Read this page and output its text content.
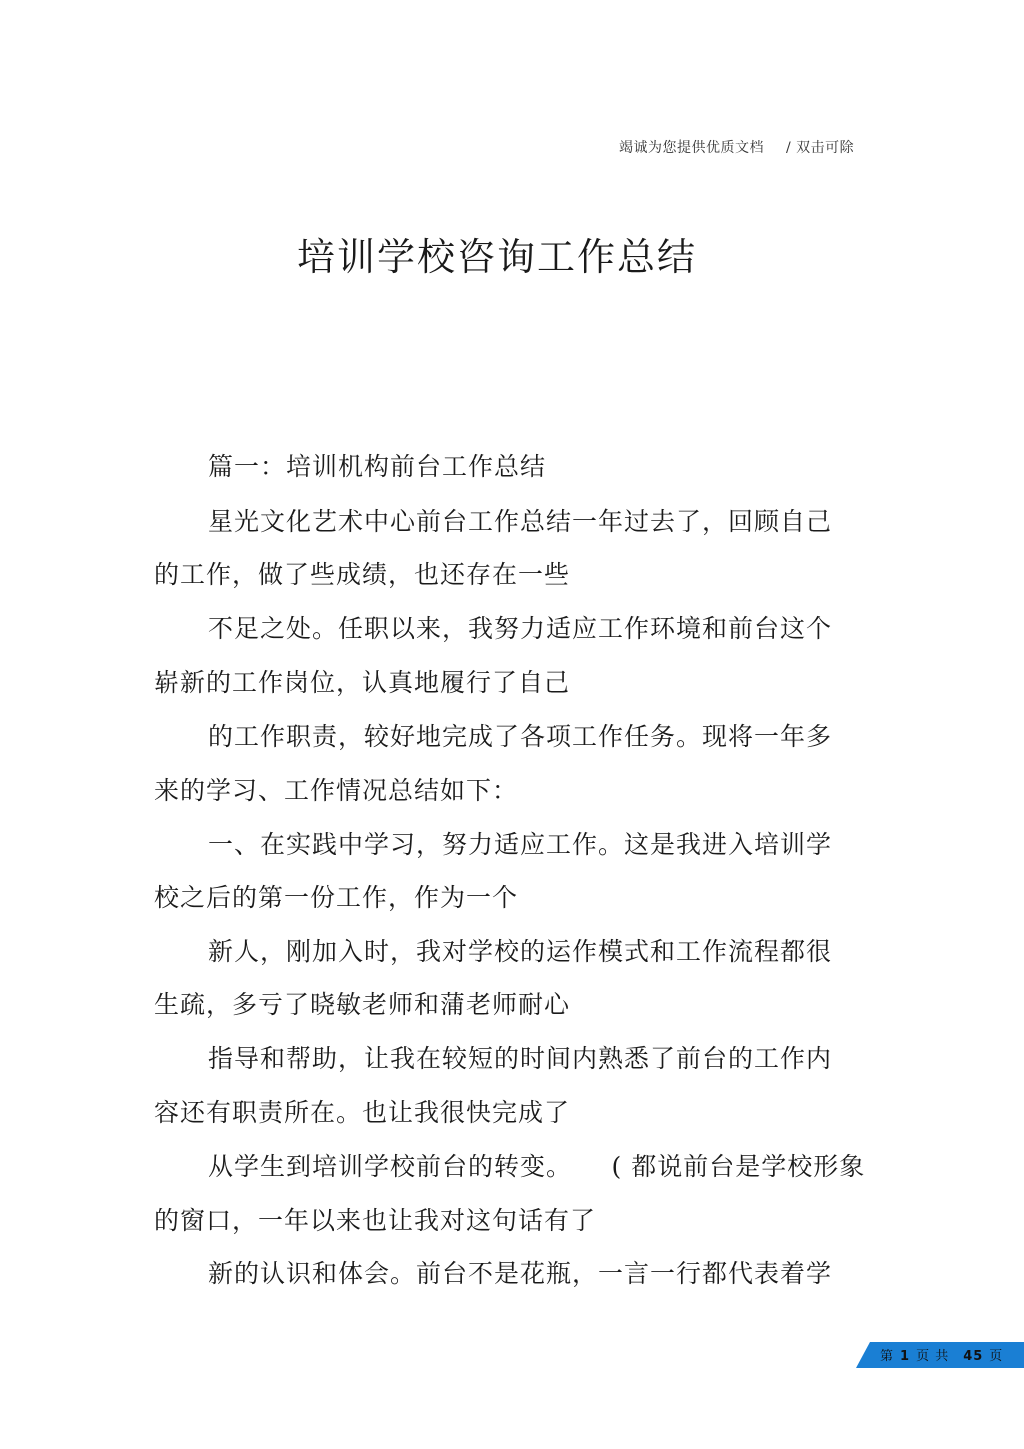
竭诚为您提供优质文档 / 双击可除
培训学校咨询工作总结
篇一：培训机构前台工作总结
星光文化艺术中心前台工作总结一年过去了，回顾自己
的工作，做了些成绩，也还存在一些
不足之处。任职以来，我努力适应工作环境和前台这个
崭新的工作岗位，认真地履行了自己
的工作职责，较好地完成了各项工作任务。现将一年多
来的学习、工作情况总结如下：
一、在实践中学习，努力适应工作。这是我进入培训学
校之后的第一份工作，作为一个
新人，刚加入时，我对学校的运作模式和工作流程都很
生疏，多亏了晓敏老师和蒲老师耐心
指导和帮助，让我在较短的时间内熟悉了前台的工作内
容还有职责所在。也让我很快完成了
从学生到培训学校前台的转变。　　( 都说前台是学校形象
的窗口，一年以来也让我对这句话有了
新的认识和体会。前台不是花瓶，一言一行都代表着学
第 1 页 共 45 页
